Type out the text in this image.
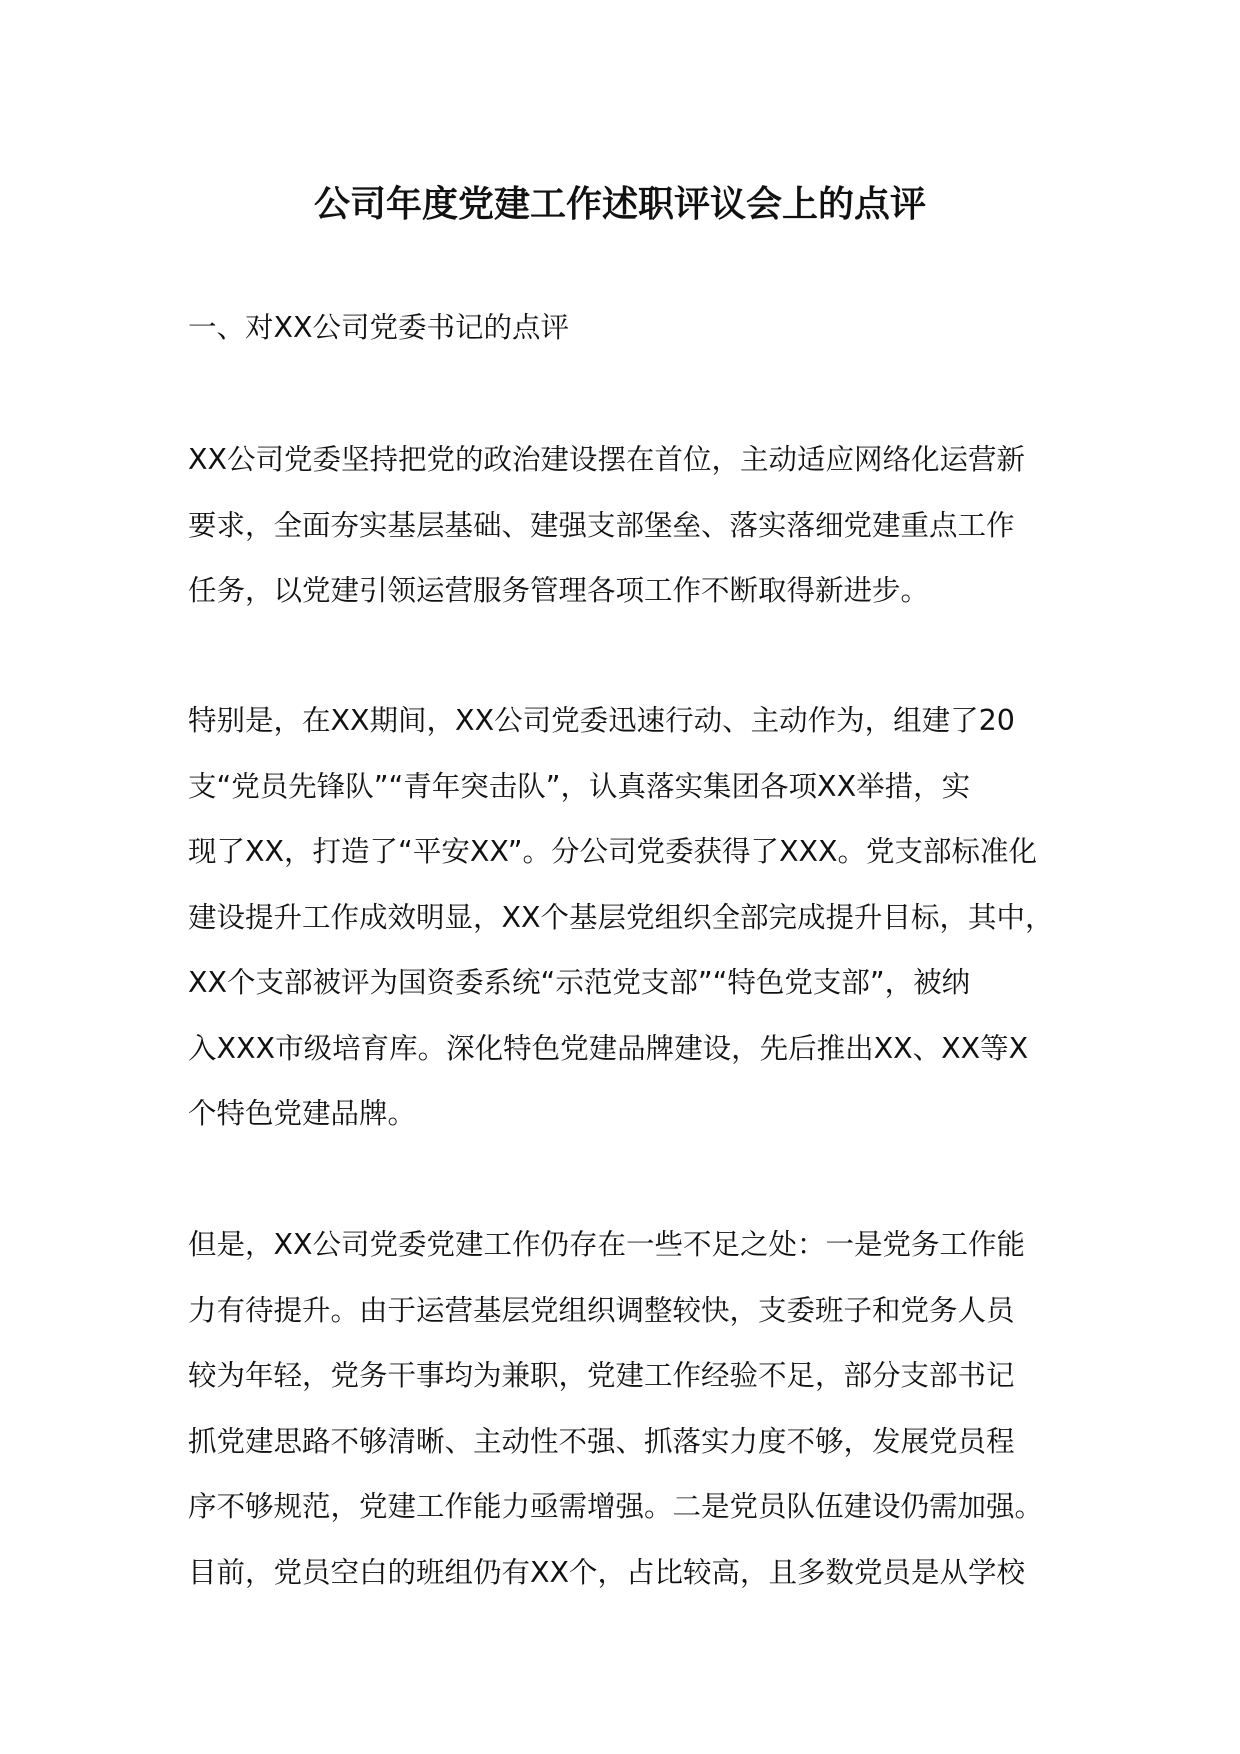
公司年度党建工作述职评议会上的点评
一、对XX公司党委书记的点评
XX公司党委坚持把党的政治建设摆在首位，主动适应网络化运营新
要求，全面夯实基层基础、建强支部堡垒、落实落细党建重点工作
任务，以党建引领运营服务管理各项工作不断取得新进步。
特别是，在XX期间，XX公司党委迅速行动、主动作为，组建了20
支“党员先锋队”“青年突击队”，认真落实集团各项XX举措，实
现了XX，打造了“平安XX”。分公司党委获得了XXX。党支部标准化
建设提升工作成效明显，XX个基层党组织全部完成提升目标，其中，
XX个支部被评为国资委系统“示范党支部”“特色党支部”，被纳
入XXX市级培育库。深化特色党建品牌建设，先后推出XX、XX等X
个特色党建品牌。
但是，XX公司党委党建工作仍存在一些不足之处：一是党务工作能
力有待提升。由于运营基层党组织调整较快，支委班子和党务人员
较为年轻，党务干事均为兼职，党建工作经验不足，部分支部书记
抓党建思路不够清晰、主动性不强、抓落实力度不够，发展党员程
序不够规范，党建工作能力亟需增强。二是党员队伍建设仍需加强。
目前，党员空白的班组仍有XX个，占比较高，且多数党员是从学校
